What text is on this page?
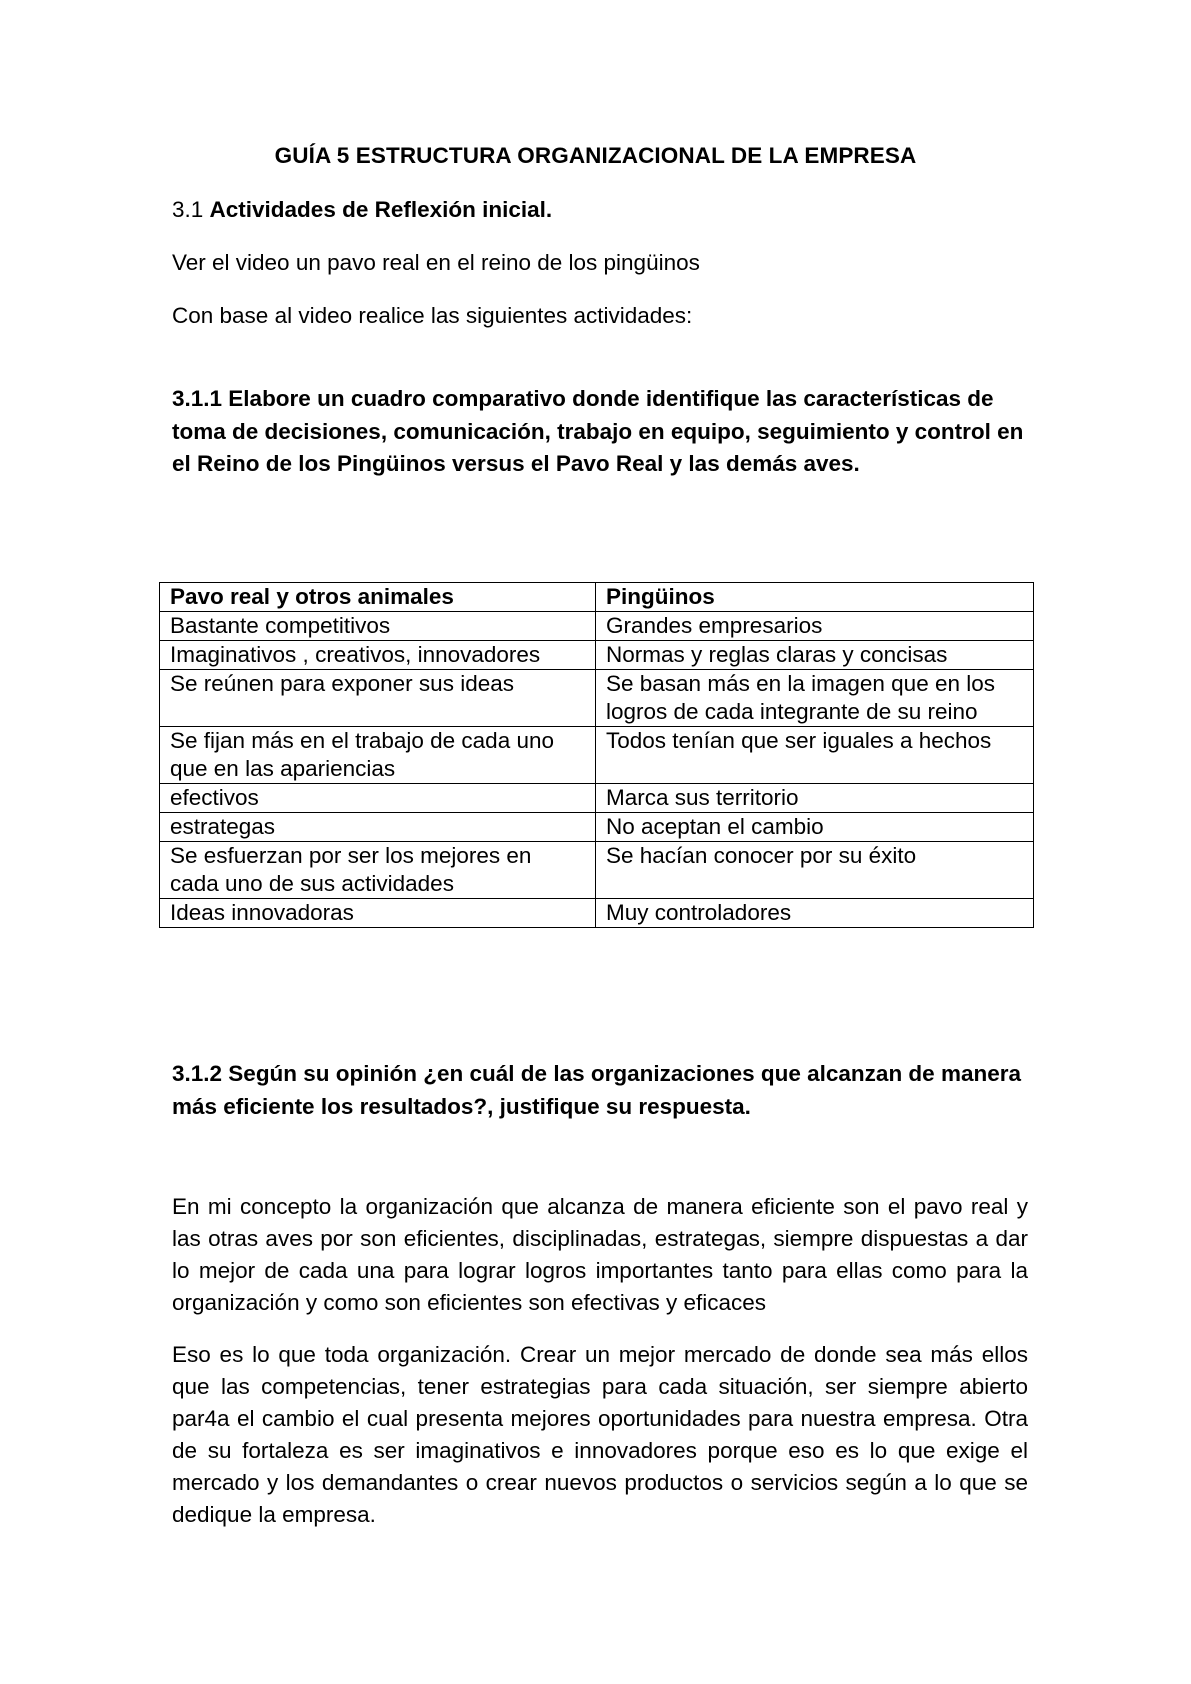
GUÍA 5 ESTRUCTURA ORGANIZACIONAL DE LA EMPRESA
3.1 Actividades de Reflexión inicial.
Ver el video un pavo real en el reino de los pingüinos
Con base al video realice las siguientes actividades:
3.1.1 Elabore un cuadro comparativo donde identifique las características de toma de decisiones, comunicación, trabajo en equipo, seguimiento y control en el Reino de los Pingüinos versus el Pavo Real y las demás aves.
Pavo real y otros animales	Pingüinos
Bastante competitivos	Grandes empresarios
Imaginativos , creativos, innovadores	Normas y reglas claras y concisas
Se reúnen para exponer sus ideas	Se basan más en la imagen que en los logros de cada integrante de su reino
Se fijan más en el trabajo de cada uno que en las apariencias	Todos tenían que ser iguales a hechos
efectivos	Marca sus territorio
estrategas	No aceptan el cambio
Se esfuerzan por ser los mejores en cada uno de sus actividades	Se hacían conocer por su éxito
Ideas innovadoras	Muy controladores
3.1.2 Según su opinión ¿en cuál de las organizaciones que alcanzan de manera más eficiente los resultados?, justifique su respuesta.
En mi concepto la organización que alcanza de manera eficiente son el pavo real y las otras aves por son eficientes, disciplinadas, estrategas, siempre dispuestas a dar lo mejor de cada una para lograr logros importantes tanto para ellas como para la organización y como son eficientes son efectivas y eficaces
Eso es lo que toda organización. Crear un mejor mercado de donde sea más ellos que las competencias, tener estrategias para cada situación, ser siempre abierto par4a el cambio el cual presenta mejores oportunidades para nuestra empresa. Otra de su fortaleza es ser imaginativos e innovadores porque eso es lo que exige el mercado y los demandantes o crear nuevos productos o servicios según a lo que se dedique la empresa.
